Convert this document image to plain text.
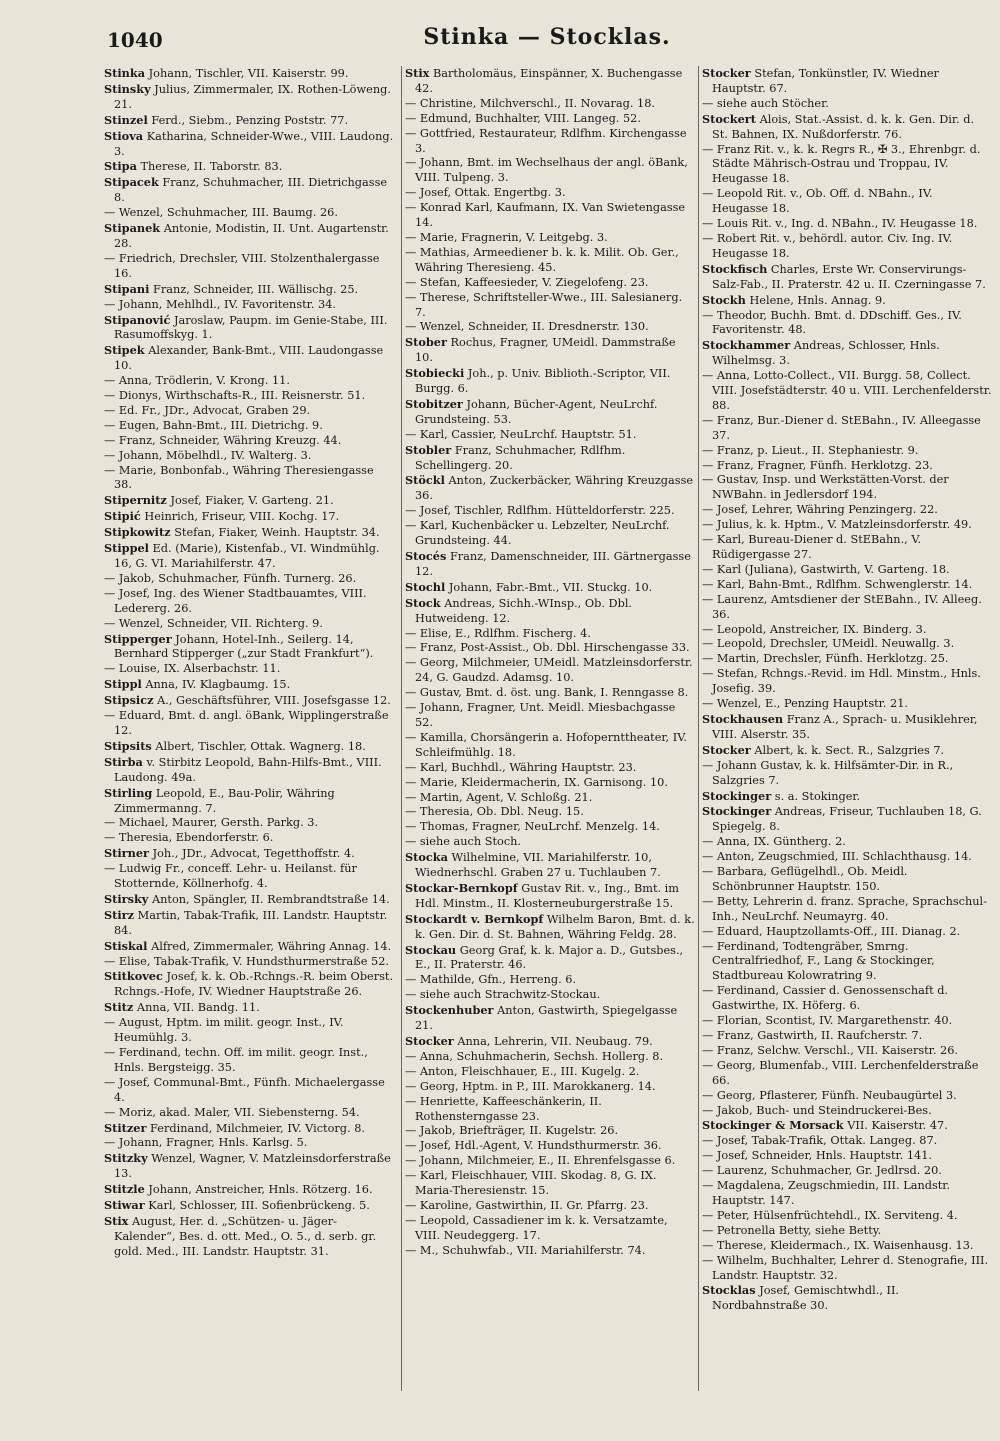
1040	Stinka — Stocklas.

Stinka Johann, Tischler, VII. Kaiserstr. 99.

Stinsky Julius, Zimmermaler, IX. Rothen-Löweng. 21.

Stinzel Ferd., Siebm., Penzing Poststr. 77.

Stiova Katharina, Schneider-Wwe., VIII. Laudong. 3.

Stipa Therese, II. Taborstr. 83.

Stipacek Franz, Schuhmacher, III. Dietrichgasse 8.

— Wenzel, Schuhmacher, III. Baumg. 26.

Stipanek Antonie, Modistin, II. Unt. Augartenstr. 28.

— Friedrich, Drechsler, VIII. Stolzenthalergasse 16.

Stipani Franz, Schneider, III. Wällischg. 25.

— Johann, Mehlhdl., IV. Favoritenstr. 34.

Stipanović Jaroslaw, Paupm. im Genie-Stabe, III. Rasumoffskyg. 1.

Stipek Alexander, Bank-Bmt., VIII. Laudongasse 10.

— Anna, Trödlerin, V. Krong. 11.

— Dionys, Wirthschafts-R., III. Reisnerstr. 51.

— Ed. Fr., JDr., Advocat, Graben 29.

— Eugen, Bahn-Bmt., III. Dietrichg. 9.

— Franz, Schneider, Währing Kreuzg. 44.

— Johann, Möbelhdl., IV. Walterg. 3.

— Marie, Bonbonfab., Währing Theresiengasse 38.

Stipernitz Josef, Fiaker, V. Garteng. 21.

Stipić Heinrich, Friseur, VIII. Kochg. 17.

Stipkowitz Stefan, Fiaker, Weinh. Hauptstr. 34.

Stippel Ed. (Marie), Kistenfab., VI. Windmühlg. 16, G. VI. Mariahilferstr. 47.

— Jakob, Schuhmacher, Fünfh. Turnerg. 26.

— Josef, Ing. des Wiener Stadtbauamtes, VIII. Ledererg. 26.

— Wenzel, Schneider, VII. Richterg. 9.

Stipperger Johann, Hotel-Inh., Seilerg. 14, Bernhard Stipperger („zur Stadt Frankfurt“).

— Louise, IX. Alserbachstr. 11.

Stippl Anna, IV. Klagbaumg. 15.

Stipsicz A., Geschäftsführer, VIII. Josefsgasse 12.

— Eduard, Bmt. d. angl. öBank, Wipplingerstraße 12.

Stipsits Albert, Tischler, Ottak. Wagnerg. 18.

Stirba v. Stirbitz Leopold, Bahn-Hilfs-Bmt., VIII. Laudong. 49a.

Stirling Leopold, E., Bau-Polir, Währing Zimmermanng. 7.

— Michael, Maurer, Gersth. Parkg. 3.

— Theresia, Ebendorferstr. 6.

Stirner Joh., JDr., Advocat, Tegetthoffstr. 4.

— Ludwig Fr., conceff. Lehr- u. Heilanst. für Stotternde, Köllnerhofg. 4.

Stirsky Anton, Spängler, II. Rembrandtstraße 14.

Stirz Martin, Tabak-Trafik, III. Landstr. Hauptstr. 84.

Stiskal Alfred, Zimmermaler, Währing Annag. 14.

— Elise, Tabak-Trafik, V. Hundsthurmerstraße 52.

Stitkovec Josef, k. k. Ob.-Rchngs.-R. beim Oberst. Rchngs.-Hofe, IV. Wiedner Hauptstraße 26.

Stitz Anna, VII. Bandg. 11.

— August, Hptm. im milit. geogr. Inst., IV. Heumühlg. 3.

— Ferdinand, techn. Off. im milit. geogr. Inst., Hnls. Bergsteigg. 35.

— Josef, Communal-Bmt., Fünfh. Michaelergasse 4.

— Moriz, akad. Maler, VII. Siebensterng. 54.

Stitzer Ferdinand, Milchmeier, IV. Victorg. 8.

— Johann, Fragner, Hnls. Karlsg. 5.

Stitzky Wenzel, Wagner, V. Matzleinsdorferstraße 13.

Stitzle Johann, Anstreicher, Hnls. Rötzerg. 16.

Stiwar Karl, Schlosser, III. Sofienbrückeng. 5.

Stix August, Her. d. „Schützen- u. Jäger-Kalender“, Bes. d. ott. Med., O. 5., d. serb. gr. gold. Med., III. Landstr. Hauptstr. 31.

Stix Bartholomäus, Einspänner, X. Buchengasse 42.

— Christine, Milchverschl., II. Novarag. 18.

— Edmund, Buchhalter, VIII. Langeg. 52.

— Gottfried, Restaurateur, Rdlfhm. Kirchengasse 3.

— Johann, Bmt. im Wechselhaus der angl. öBank, VIII. Tulpeng. 3.

— Josef, Ottak. Engertbg. 3.

— Konrad Karl, Kaufmann, IX. Van Swietengasse 14.

— Marie, Fragnerin, V. Leitgebg. 3.

— Mathias, Armeediener b. k. k. Milit. Ob. Ger., Währing Theresieng. 45.

— Stefan, Kaffeesieder, V. Ziegelofeng. 23.

— Therese, Schriftsteller-Wwe., III. Salesianerg. 7.

— Wenzel, Schneider, II. Dresdnerstr. 130.

Stober Rochus, Fragner, UMeidl. Dammstraße 10.

Stobiecki Joh., p. Univ. Biblioth.-Scriptor, VII. Burgg. 6.

Stobitzer Johann, Bücher-Agent, NeuLrchf. Grundsteing. 53.

— Karl, Cassier, NeuLrchf. Hauptstr. 51.

Stobler Franz, Schuhmacher, Rdlfhm. Schellingerg. 20.

Stöckl Anton, Zuckerbäcker, Währing Kreuzgasse 36.

— Josef, Tischler, Rdlfhm. Hütteldorferstr. 225.

— Karl, Kuchenbäcker u. Lebzelter, NeuLrchf. Grundsteing. 44.

Stocés Franz, Damenschneider, III. Gärtnergasse 12.

Stochl Johann, Fabr.-Bmt., VII. Stuckg. 10.

Stock Andreas, Sichh.-WInsp., Ob. Dbl. Hutweideng. 12.

— Elise, E., Rdlfhm. Fischerg. 4.

— Franz, Post-Assist., Ob. Dbl. Hirschengasse 33.

— Georg, Milchmeier, UMeidl. Matzleinsdorferstr. 24, G. Gaudzd. Adamsg. 10.

— Gustav, Bmt. d. öst. ung. Bank, I. Renngasse 8.

— Johann, Fragner, Unt. Meidl. Miesbachgasse 52.

— Kamilla, Chorsängerin a. Hofopernttheater, IV. Schleifmühlg. 18.

— Karl, Buchhdl., Währing Hauptstr. 23.

— Marie, Kleidermacherin, IX. Garnisong. 10.

— Martin, Agent, V. Schloßg. 21.

— Theresia, Ob. Dbl. Neug. 15.

— Thomas, Fragner, NeuLrchf. Menzelg. 14.

— siehe auch Stoch.

Stocka Wilhelmine, VII. Mariahilferstr. 10, Wiednerhschl. Graben 27 u. Tuchlauben 7.

Stockar-Bernkopf Gustav Rit. v., Ing., Bmt. im Hdl. Minstm., II. Klosterneuburgerstraße 15.

Stockardt v. Bernkopf Wilhelm Baron, Bmt. d. k. k. Gen. Dir. d. St. Bahnen, Währing Feldg. 28.

Stockau Georg Graf, k. k. Major a. D., Gutsbes., E., II. Praterstr. 46.

— Mathilde, Gfn., Herreng. 6.

— siehe auch Strachwitz-Stockau.

Stockenhuber Anton, Gastwirth, Spiegelgasse 21.

Stocker Anna, Lehrerin, VII. Neubaug. 79.

— Anna, Schuhmacherin, Sechsh. Hollerg. 8.

— Anton, Fleischhauer, E., III. Kugelg. 2.

— Georg, Hptm. in P., III. Marokkanerg. 14.

— Henriette, Kaffeeschänkerin, II. Rothensterngasse 23.

— Jakob, Briefträger, II. Kugelstr. 26.

— Josef, Hdl.-Agent, V. Hundsthurmerstr. 36.

— Johann, Milchmeier, E., II. Ehrenfelsgasse 6.

— Karl, Fleischhauer, VIII. Skodag. 8, G. IX. Maria-Theresienstr. 15.

— Karoline, Gastwirthin, II. Gr. Pfarrg. 23.

— Leopold, Cassadiener im k. k. Versatzamte, VIII. Neudeggerg. 17.

— M., Schuhwfab., VII. Mariahilferstr. 74.

Stocker Stefan, Tonkünstler, IV. Wiedner Hauptstr. 67.

— siehe auch Stöcher.

Stockert Alois, Stat.-Assist. d. k. k. Gen. Dir. d. St. Bahnen, IX. Nußdorferstr. 76.

— Franz Rit. v., k. k. Regrs R., ✠ 3., Ehrenbgr. d. Städte Mährisch-Ostrau und Troppau, IV. Heugasse 18.

— Leopold Rit. v., Ob. Off. d. NBahn., IV. Heugasse 18.

— Louis Rit. v., Ing. d. NBahn., IV. Heugasse 18.

— Robert Rit. v., behördl. autor. Civ. Ing. IV. Heugasse 18.

Stockfisch Charles, Erste Wr. Conservirungs-Salz-Fab., II. Praterstr. 42 u. II. Czerningasse 7.

Stockh Helene, Hnls. Annag. 9.

— Theodor, Buchh. Bmt. d. DDschiff. Ges., IV. Favoritenstr. 48.

Stockhammer Andreas, Schlosser, Hnls. Wilhelmsg. 3.

— Anna, Lotto-Collect., VII. Burgg. 58, Collect. VIII. Josefstädterstr. 40 u. VIII. Lerchenfelderstr. 88.

— Franz, Bur.-Diener d. StEBahn., IV. Alleegasse 37.

— Franz, p. Lieut., II. Stephaniestr. 9.

— Franz, Fragner, Fünfh. Herklotzg. 23.

— Gustav, Insp. und Werkstätten-Vorst. der NWBahn. in Jedlersdorf 194.

— Josef, Lehrer, Währing Penzingerg. 22.

— Julius, k. k. Hptm., V. Matzleinsdorferstr. 49.

— Karl, Bureau-Diener d. StEBahn., V. Rüdigergasse 27.

— Karl (Juliana), Gastwirth, V. Garteng. 18.

— Karl, Bahn-Bmt., Rdlfhm. Schwenglerstr. 14.

— Laurenz, Amtsdiener der StEBahn., IV. Alleeg. 36.

— Leopold, Anstreicher, IX. Binderg. 3.

— Leopold, Drechsler, UMeidl. Neuwallg. 3.

— Martin, Drechsler, Fünfh. Herklotzg. 25.

— Stefan, Rchngs.-Revid. im Hdl. Minstm., Hnls. Josefig. 39.

— Wenzel, E., Penzing Hauptstr. 21.

Stockhausen Franz A., Sprach- u. Musiklehrer, VIII. Alserstr. 35.

Stocker Albert, k. k. Sect. R., Salzgries 7.

— Johann Gustav, k. k. Hilfsämter-Dir. in R., Salzgries 7.

Stockinger s. a. Stokinger.

Stockinger Andreas, Friseur, Tuchlauben 18, G. Spiegelg. 8.

— Anna, IX. Güntherg. 2.

— Anton, Zeugschmied, III. Schlachthausg. 14.

— Barbara, Geflügelhdl., Ob. Meidl. Schönbrunner Hauptstr. 150.

— Betty, Lehrerin d. franz. Sprache, Sprachschul-Inh., NeuLrchf. Neumayrg. 40.

— Eduard, Hauptzollamts-Off., III. Dianag. 2.

— Ferdinand, Todtengräber, Smrng. Centralfriedhof, F., Lang & Stockinger, Stadtbureau Kolowratring 9.

— Ferdinand, Cassier d. Genossenschaft d. Gastwirthe, IX. Höferg. 6.

— Florian, Scontist, IV. Margarethenstr. 40.

— Franz, Gastwirth, II. Raufcherstr. 7.

— Franz, Selchw. Verschl., VII. Kaiserstr. 26.

— Georg, Blumenfab., VIII. Lerchenfelderstraße 66.

— Georg, Pflasterer, Fünfh. Neubaugürtel 3.

— Jakob, Buch- und Steindruckerei-Bes.

Stockinger & Morsack VII. Kaiserstr. 47.

— Josef, Tabak-Trafik, Ottak. Langeg. 87.

— Josef, Schneider, Hnls. Hauptstr. 141.

— Laurenz, Schuhmacher, Gr. Jedlrsd. 20.

— Magdalena, Zeugschmiedin, III. Landstr. Hauptstr. 147.

— Peter, Hülsenfrüchtehdl., IX. Serviteng. 4.

— Petronella Betty, siehe Betty.

— Therese, Kleidermach., IX. Waisenhausg. 13.

— Wilhelm, Buchhalter, Lehrer d. Stenografie, III. Landstr. Hauptstr. 32.

Stocklas Josef, Gemischtwhdl., II. Nordbahnstraße 30.
